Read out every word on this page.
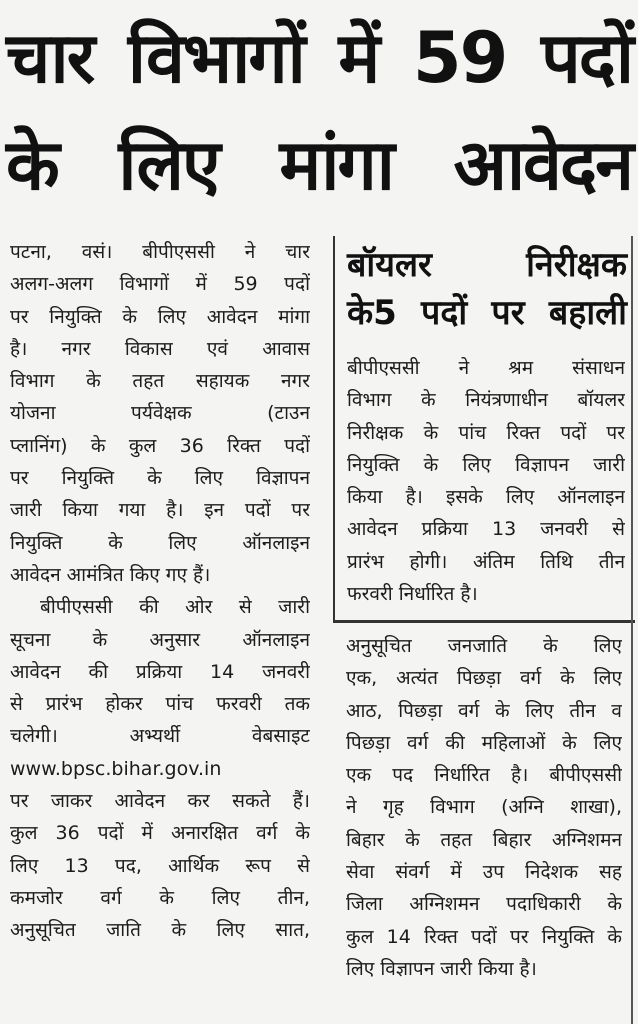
चार विभागों में 59 पदों
के लिए मांगा आवेदन
पटना, वसं। बीपीएससी ने चार
अलग-अलग विभागों में 59 पदों
पर नियुक्ति के लिए आवेदन मांगा
है। नगर विकास एवं आवास
विभाग के तहत सहायक नगर
योजना पर्यवेक्षक (टाउन
प्लानिंग) के कुल 36 रिक्त पदों
पर नियुक्ति के लिए विज्ञापन
जारी किया गया है। इन पदों पर
नियुक्ति के लिए ऑनलाइन
आवेदन आमंत्रित किए गए हैं।
बीपीएससी की ओर से जारी
सूचना के अनुसार ऑनलाइन
आवेदन की प्रक्रिया 14 जनवरी
से प्रारंभ होकर पांच फरवरी तक
चलेगी। अभ्यर्थी वेबसाइट
www.bpsc.bihar.gov.in
पर जाकर आवेदन कर सकते हैं।
कुल 36 पदों में अनारक्षित वर्ग के
लिए 13 पद, आर्थिक रूप से
कमजोर वर्ग के लिए तीन,
अनुसूचित जाति के लिए सात,
बॉयलर निरीक्षक
के5 पदों पर बहाली
बीपीएससी ने श्रम संसाधन
विभाग के नियंत्रणाधीन बॉयलर
निरीक्षक के पांच रिक्त पदों पर
नियुक्ति के लिए विज्ञापन जारी
किया है। इसके लिए ऑनलाइन
आवेदन प्रक्रिया 13 जनवरी से
प्रारंभ होगी। अंतिम तिथि तीन
फरवरी निर्धारित है।
अनुसूचित जनजाति के लिए
एक, अत्यंत पिछड़ा वर्ग के लिए
आठ, पिछड़ा वर्ग के लिए तीन व
पिछड़ा वर्ग की महिलाओं के लिए
एक पद निर्धारित है। बीपीएससी
ने गृह विभाग (अग्नि शाखा),
बिहार के तहत बिहार अग्निशमन
सेवा संवर्ग में उप निदेशक सह
जिला अग्निशमन पदाधिकारी के
कुल 14 रिक्त पदों पर नियुक्ति के
लिए विज्ञापन जारी किया है।
